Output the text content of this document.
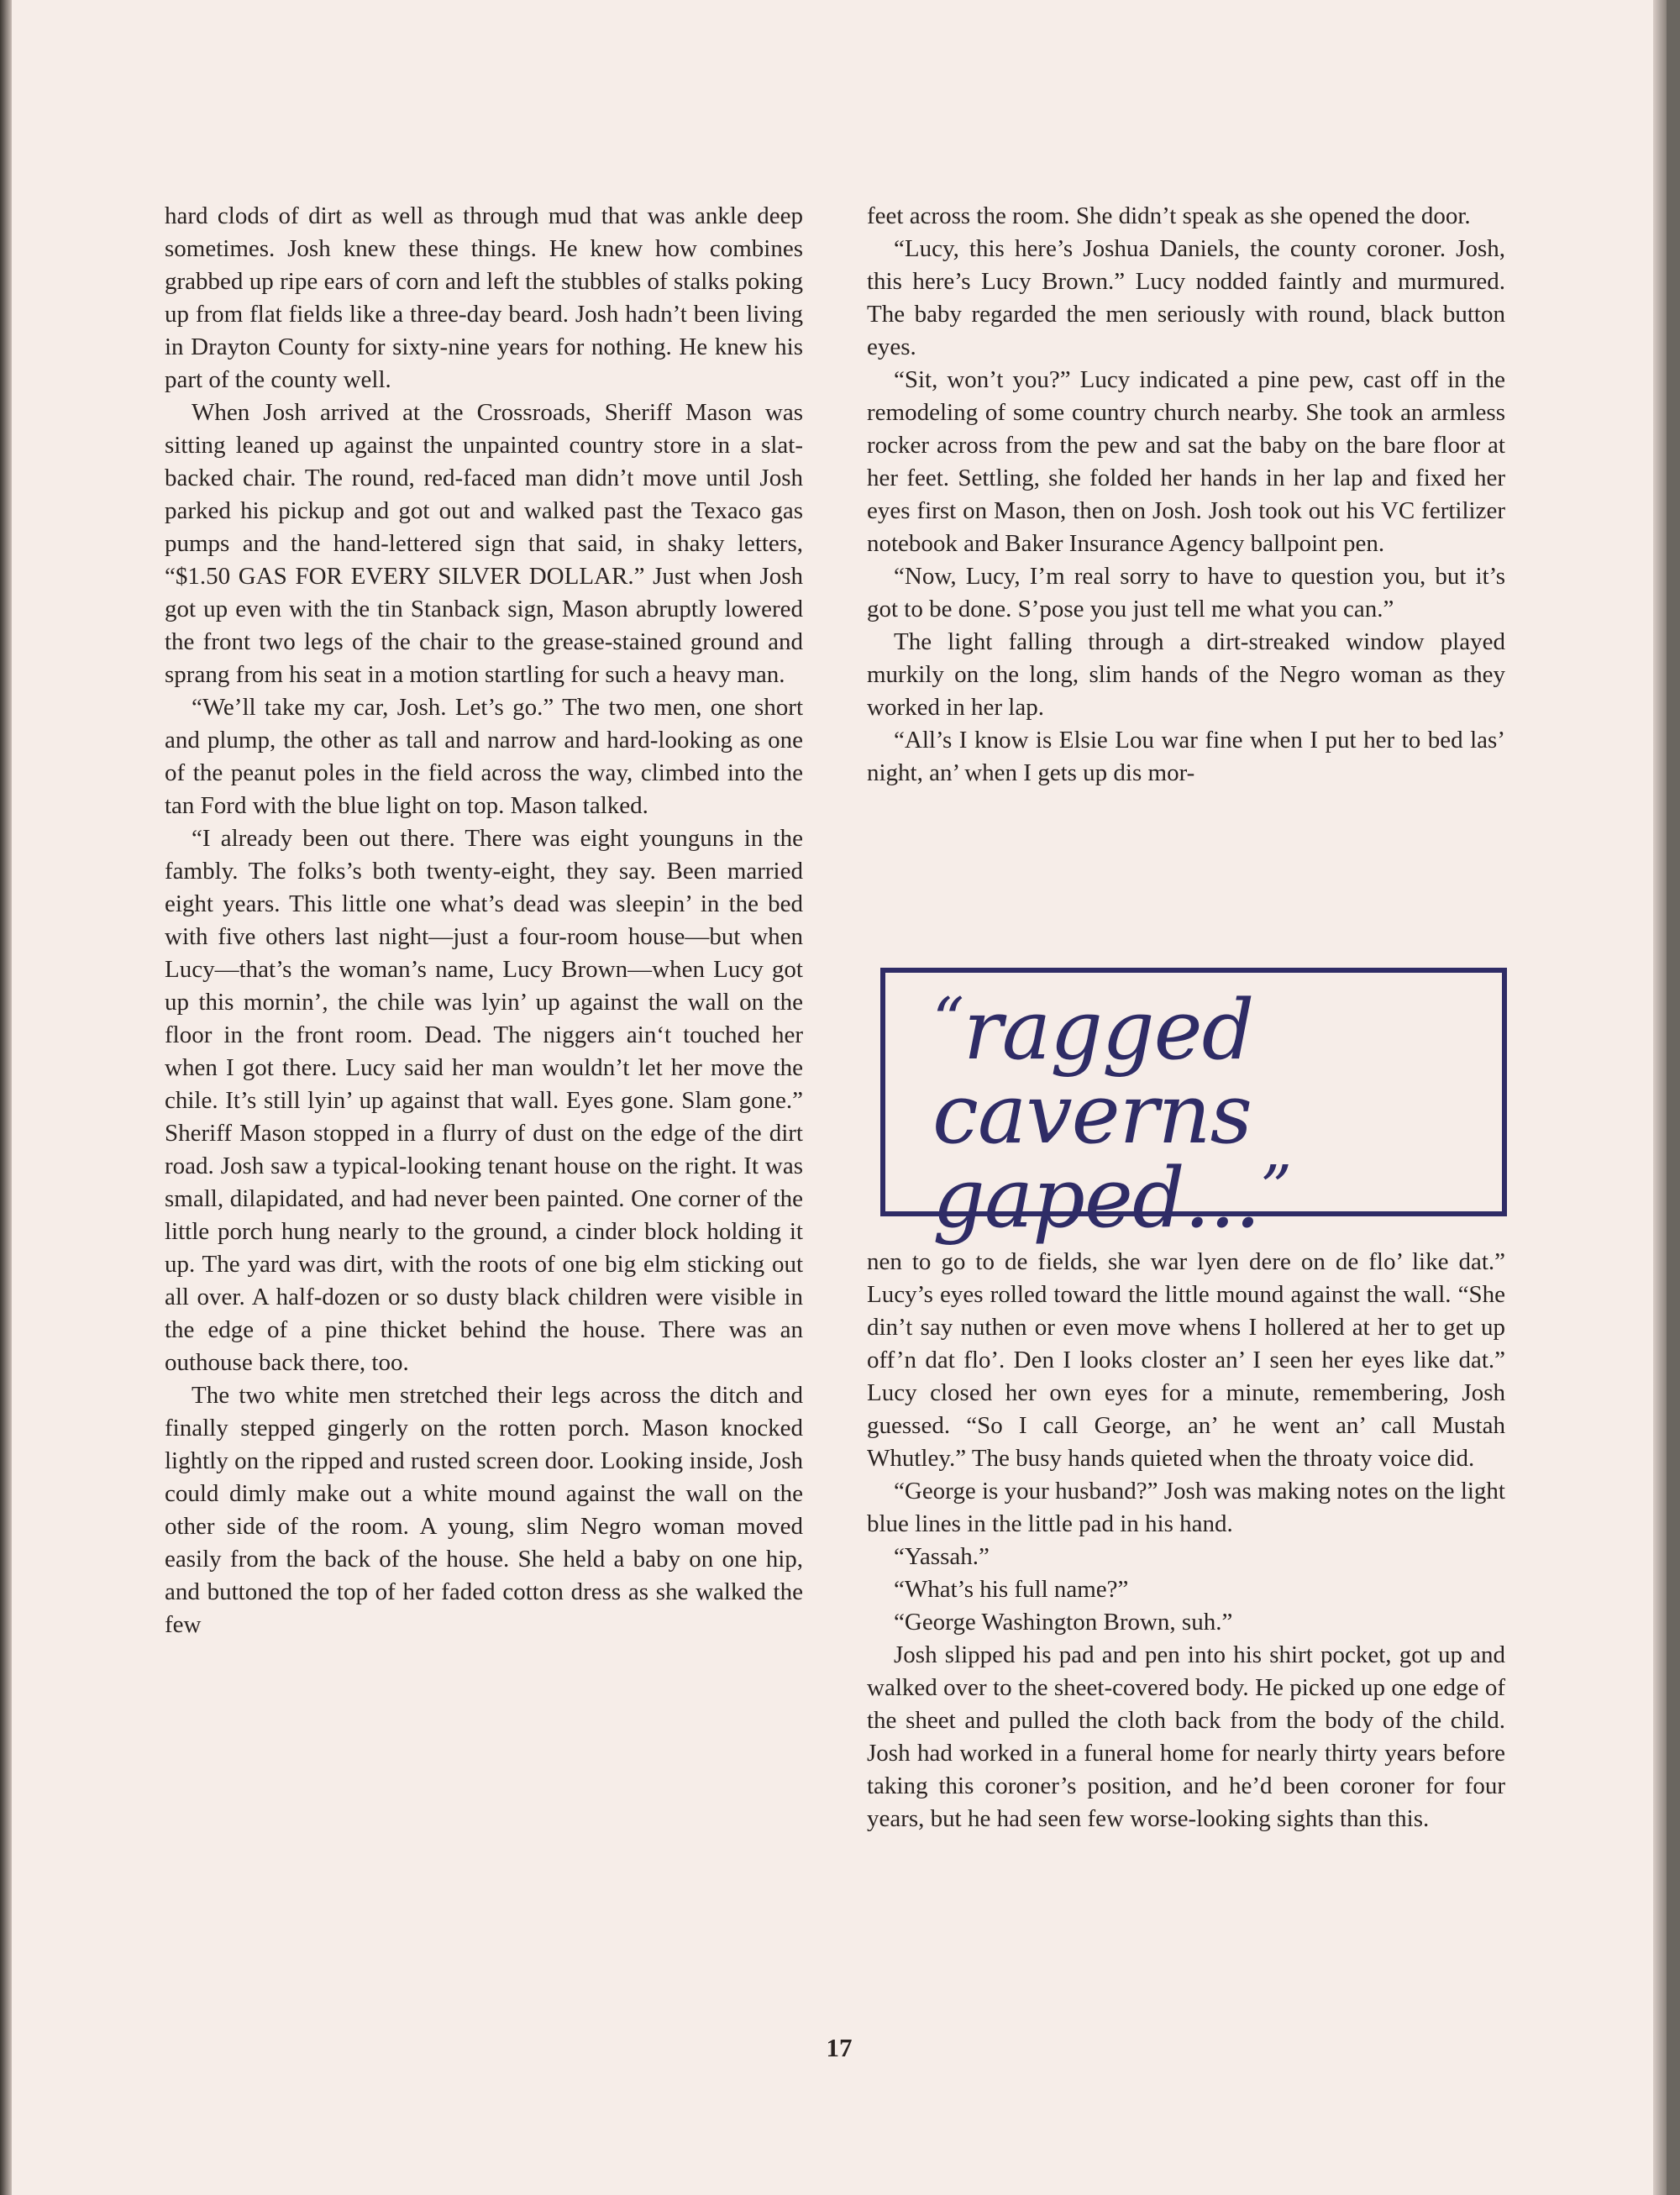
hard clods of dirt as well as through mud that was ankle deep sometimes. Josh knew these things. He knew how combines grabbed up ripe ears of corn and left the stubbles of stalks poking up from flat fields like a three-day beard. Josh hadn’t been living in Drayton County for sixty-nine years for nothing. He knew his part of the county well.

When Josh arrived at the Crossroads, Sheriff Mason was sitting leaned up against the unpainted country store in a slat-backed chair. The round, red-faced man didn’t move until Josh parked his pickup and got out and walked past the Texaco gas pumps and the hand-lettered sign that said, in shaky letters, “$1.50 GAS FOR EVERY SILVER DOLLAR.” Just when Josh got up even with the tin Stanback sign, Mason abruptly lowered the front two legs of the chair to the grease-stained ground and sprang from his seat in a motion startling for such a heavy man.

“We’ll take my car, Josh. Let’s go.” The two men, one short and plump, the other as tall and narrow and hard-looking as one of the peanut poles in the field across the way, climbed into the tan Ford with the blue light on top. Mason talked.

“I already been out there. There was eight younguns in the fambly. The folks’s both twenty-eight, they say. Been married eight years. This little one what’s dead was sleepin’ in the bed with five others last night—just a four-room house—but when Lucy—that’s the woman’s name, Lucy Brown—when Lucy got up this mornin’, the chile was lyin’ up against the wall on the floor in the front room. Dead. The niggers ain‘t touched her when I got there. Lucy said her man wouldn’t let her move the chile. It’s still lyin’ up against that wall. Eyes gone. Slam gone.” Sheriff Mason stopped in a flurry of dust on the edge of the dirt road. Josh saw a typical-looking tenant house on the right. It was small, dilapidated, and had never been painted. One corner of the little porch hung nearly to the ground, a cinder block holding it up. The yard was dirt, with the roots of one big elm sticking out all over. A half-dozen or so dusty black children were visible in the edge of a pine thicket behind the house. There was an outhouse back there, too.

The two white men stretched their legs across the ditch and finally stepped gingerly on the rotten porch. Mason knocked lightly on the ripped and rusted screen door. Looking inside, Josh could dimly make out a white mound against the wall on the other side of the room. A young, slim Negro woman moved easily from the back of the house. She held a baby on one hip, and buttoned the top of her faded cotton dress as she walked the few

feet across the room. She didn’t speak as she opened the door.

“Lucy, this here’s Joshua Daniels, the county coroner. Josh, this here’s Lucy Brown.” Lucy nodded faintly and murmured. The baby regarded the men seriously with round, black button eyes.

“Sit, won’t you?” Lucy indicated a pine pew, cast off in the remodeling of some country church nearby. She took an armless rocker across from the pew and sat the baby on the bare floor at her feet. Settling, she folded her hands in her lap and fixed her eyes first on Mason, then on Josh. Josh took out his VC fertilizer notebook and Baker Insurance Agency ballpoint pen.

“Now, Lucy, I’m real sorry to have to question you, but it’s got to be done. S’pose you just tell me what you can.”

The light falling through a dirt-streaked window played murkily on the long, slim hands of the Negro woman as they worked in her lap.

“All’s I know is Elsie Lou war fine when I put her to bed las’ night, an’ when I gets up dis mor-

“ragged caverns
gaped...”

nen to go to de fields, she war lyen dere on de flo’ like dat.” Lucy’s eyes rolled toward the little mound against the wall. “She din’t say nuthen or even move whens I hollered at her to get up off’n dat flo’. Den I looks closter an’ I seen her eyes like dat.” Lucy closed her own eyes for a minute, remembering, Josh guessed. “So I call George, an’ he went an’ call Mustah Whutley.” The busy hands quieted when the throaty voice did.

“George is your husband?” Josh was making notes on the light blue lines in the little pad in his hand.

“Yassah.”

“What’s his full name?”

“George Washington Brown, suh.”

Josh slipped his pad and pen into his shirt pocket, got up and walked over to the sheet-covered body. He picked up one edge of the sheet and pulled the cloth back from the body of the child. Josh had worked in a funeral home for nearly thirty years before taking this coroner’s position, and he’d been coroner for four years, but he had seen few worse-looking sights than this.

17
